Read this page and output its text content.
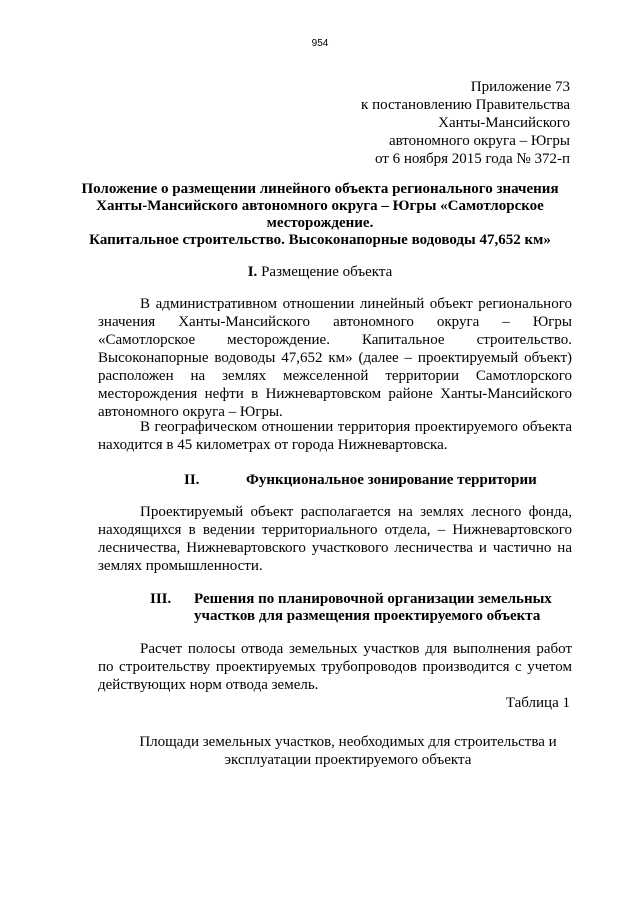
954
Приложение 73
к постановлению Правительства
Ханты-Мансийского
автономного округа – Югры
от 6 ноября 2015 года № 372-п
Положение о размещении линейного объекта регионального значения
Ханты-Мансийского автономного округа – Югры «Самотлорское
месторождение.
Капитальное строительство. Высоконапорные водоводы 47,652 км»
I. Размещение объекта
В административном отношении линейный объект регионального
значения Ханты-Мансийского автономного округа – Югры
«Самотлорское месторождение. Капитальное строительство.
Высоконапорные водоводы 47,652 км» (далее – проектируемый объект)
расположен на землях межселенной территории Самотлорского
месторождения нефти в Нижневартовском районе Ханты-Мансийского
автономного округа – Югры.
В географическом отношении территория проектируемого объекта
находится в 45 километрах от города Нижневартовска.
II.	Функциональное зонирование территории
Проектируемый объект располагается на землях лесного фонда,
находящихся в ведении территориального отдела, – Нижневартовского
лесничества, Нижневартовского участкового лесничества и частично на
землях промышленности.
III.	Решения по планировочной организации земельных
участков для размещения проектируемого объекта
Расчет полосы отвода земельных участков для выполнения работ
по строительству проектируемых трубопроводов производится с учетом
действующих норм отвода земель.
Таблица 1
Площади земельных участков, необходимых для строительства и
эксплуатации проектируемого объекта
